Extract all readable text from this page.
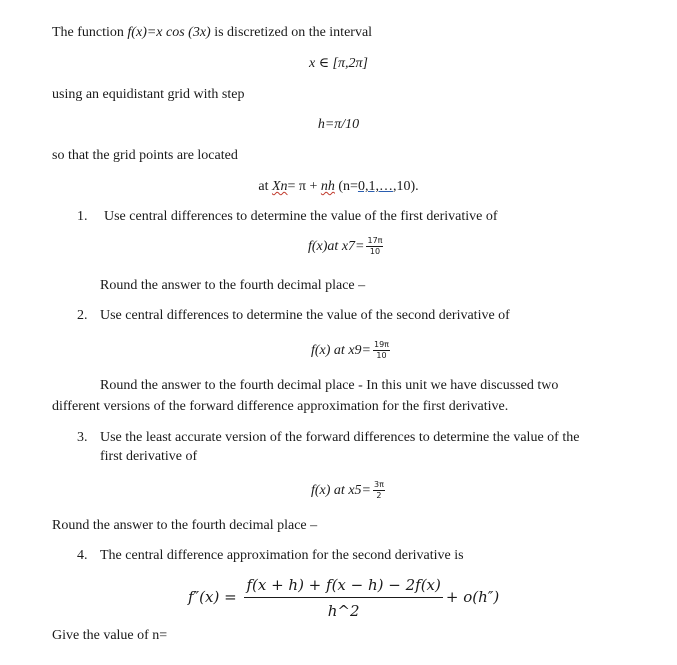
The function f(x)=x cos (3x) is discretized on the interval
x ∈ [π,2π]
using an equidistant grid with step
h=π/10
so that the grid points are located
at Xn= π + nh (n=0,1,…,10).
1. Use central differences to determine the value of the first derivative of
f(x)at $x7= \frac{17\pi}{10}$
Round the answer to the fourth decimal place –
2. Use central differences to determine the value of the second derivative of
f(x) at $x9= \frac{19\pi}{10}$
Round the answer to the fourth decimal place - In this unit we have discussed two
different versions of the forward difference approximation for the first derivative.
3. Use the least accurate version of the forward differences to determine the value of the
first derivative of
f(x) at $x5= \frac{3\pi}{2}$
Round the answer to the fourth decimal place –
4. The central difference approximation for the second derivative is
$f''(x) = \frac{f(x + h) + f(x - h) - 2f(x)}{h\^{}2} + o(h'')$
Give the value of n=
